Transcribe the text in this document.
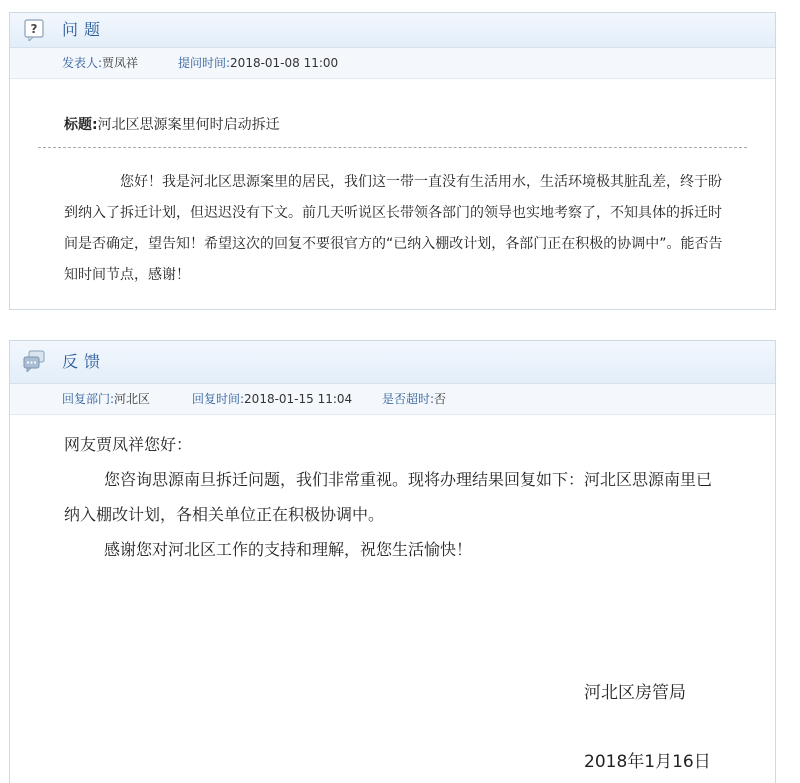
? 问题
发表人:贾凤祥	提问时间:2018-01-08 11:00
标题:河北区思源案里何时启动拆迁
您好！我是河北区思源案里的居民，我们这一带一直没有生活用水，生活环境极其脏乱差，终于盼到纳入了拆迁计划，但迟迟没有下文。前几天听说区长带领各部门的领导也实地考察了，不知具体的拆迁时间是否确定，望告知！希望这次的回复不要很官方的“已纳入棚改计划，各部门正在积极的协调中”。能否告知时间节点，感谢！
反馈
回复部门:河北区	回复时间:2018-01-15 11:04 是否超时:否

网友贾凤祥您好：

您咨询思源南旦拆迁问题，我们非常重视。现将办理结果回复如下：河北区思源南里已纳入棚改计划，各相关单位正在积极协调中。

感谢您对河北区工作的支持和理解，祝您生活愉快！

河北区房管局
2018年1月16日
